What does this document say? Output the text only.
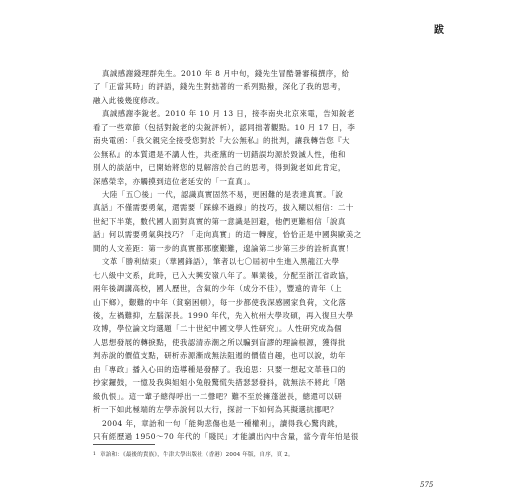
跋
真誠感謝錢理群先生。2010 年 8 月中旬，錢先生冒酷暑審稿撰序，給
了「正當其時」的評語，錢先生對拙著的一系列點撥，深化了我的思考，
融入此後幾度修改。
真誠感謝李銳老。2010 年 10 月 13 日，接李南央北京來電，告知銳老
看了一些章節（包括對銳老的尖銳評析），認同拙著觀點。10 月 17 日，李
南央電函：「我父親完全接受您對於『大公無私』的批判，讓我轉告您『大
公無私』的本質還是不講人性，共產黨的一切錯誤均源於毀滅人性，他和
別人的談話中，已開始將您的見解溶於自己的思考，得到銳老如此肯定，
深感榮幸，亦觸摸到這位老延安的「一直真」。
大陸「五〇後」一代，認識真實固然不易，更困難的是表達真實。「說
真話」不僅需要勇氣，還需要「踩線不過線」的技巧，拔入糊以相信：二十
世紀下半葉，數代國人面對真實的第一意識是回避，他們更難相信「說真
話」何以需要勇氣與技巧？「走向真實」的這一轉度，恰恰正是中國與歐美之
間的人文差距：第一步的真實都那麼艱難，遑論第二步第三步的詮析真實！
文革「勝利結束」（華國鋒語），筆者以七〇屆初中生進入黑龍江大學
七八級中文系，此時，已入大興安嶺八年了。畢業後，分配至浙江省政協，
兩年後調講高校，國人歷世，含氣的少年（成分不佳），豐遠的青年（上
山下鄉），艱難的中年（貧窮困頓），每一步都使我深感國家負荷，文化落
後，左禍難抑，左腦深長。1990 年代，先入杭州大學攻碩，再入復旦大學
攻博，學位論文均選題「二十世紀中國文學人性研究」。人性研究成為個
人思想發展的轉捩點，使我認清赤潮之所以騙到盲謬的理論根源，獲得批
判赤說的價值支點，研析赤源漸成無法阻遏的價值自趣，也可以說，幼年
由「專政」播入心田的造導種是發酵了。我追思：只要一想起文革巷口的
抄家鑼鼓，一憶及我與姐姐小兔般驚慌失措瑟瑟發抖，就無法不將此「階
級仇恨」。這一輩子總得呼出一二聲吧？難不至於擁蓬滋長，總還可以研
析一下如此極端的左學赤說何以大行，探討一下如何為其擬選抗挪吧？
2004 年，章詒和一句「能夠悲傷也是一種權利」，讀得我心驚肉跳，
只有經歷過 1950～70 年代的「賤民」才能讀出內中含量，當今青年怕是很
$^1$ 章詒和：《最後的貴族》，牛津大學出版社（香港）2004 年版，自序，頁 2。
575
